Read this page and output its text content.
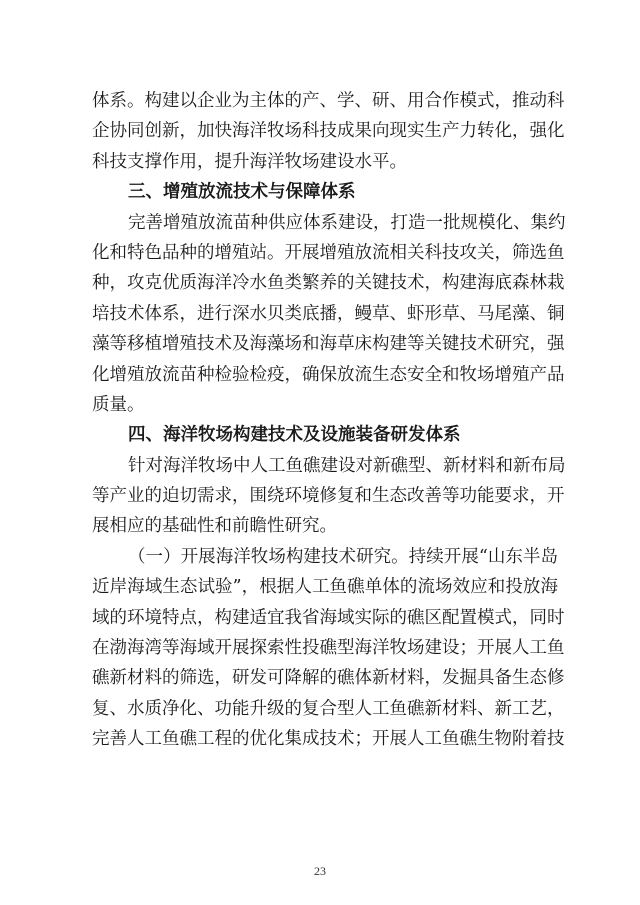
体系。构建以企业为主体的产、学、研、用合作模式，推动科
企协同创新，加快海洋牧场科技成果向现实生产力转化，强化
科技支撑作用，提升海洋牧场建设水平。
三、增殖放流技术与保障体系
完善增殖放流苗种供应体系建设，打造一批规模化、集约
化和特色品种的增殖站。开展增殖放流相关科技攻关，筛选鱼
种，攻克优质海洋冷水鱼类繁养的关键技术，构建海底森林栽
培技术体系，进行深水贝类底播，鳗草、虾形草、马尾藻、铜
藻等移植增殖技术及海藻场和海草床构建等关键技术研究，强
化增殖放流苗种检验检疫，确保放流生态安全和牧场增殖产品
质量。
四、海洋牧场构建技术及设施装备研发体系
针对海洋牧场中人工鱼礁建设对新礁型、新材料和新布局
等产业的迫切需求，围绕环境修复和生态改善等功能要求，开
展相应的基础性和前瞻性研究。
（一）开展海洋牧场构建技术研究。持续开展“山东半岛
近岸海域生态试验”，根据人工鱼礁单体的流场效应和投放海
域的环境特点，构建适宜我省海域实际的礁区配置模式，同时
在渤海湾等海域开展探索性投礁型海洋牧场建设；开展人工鱼
礁新材料的筛选，研发可降解的礁体新材料，发掘具备生态修
复、水质净化、功能升级的复合型人工鱼礁新材料、新工艺，
完善人工鱼礁工程的优化集成技术；开展人工鱼礁生物附着技
23
